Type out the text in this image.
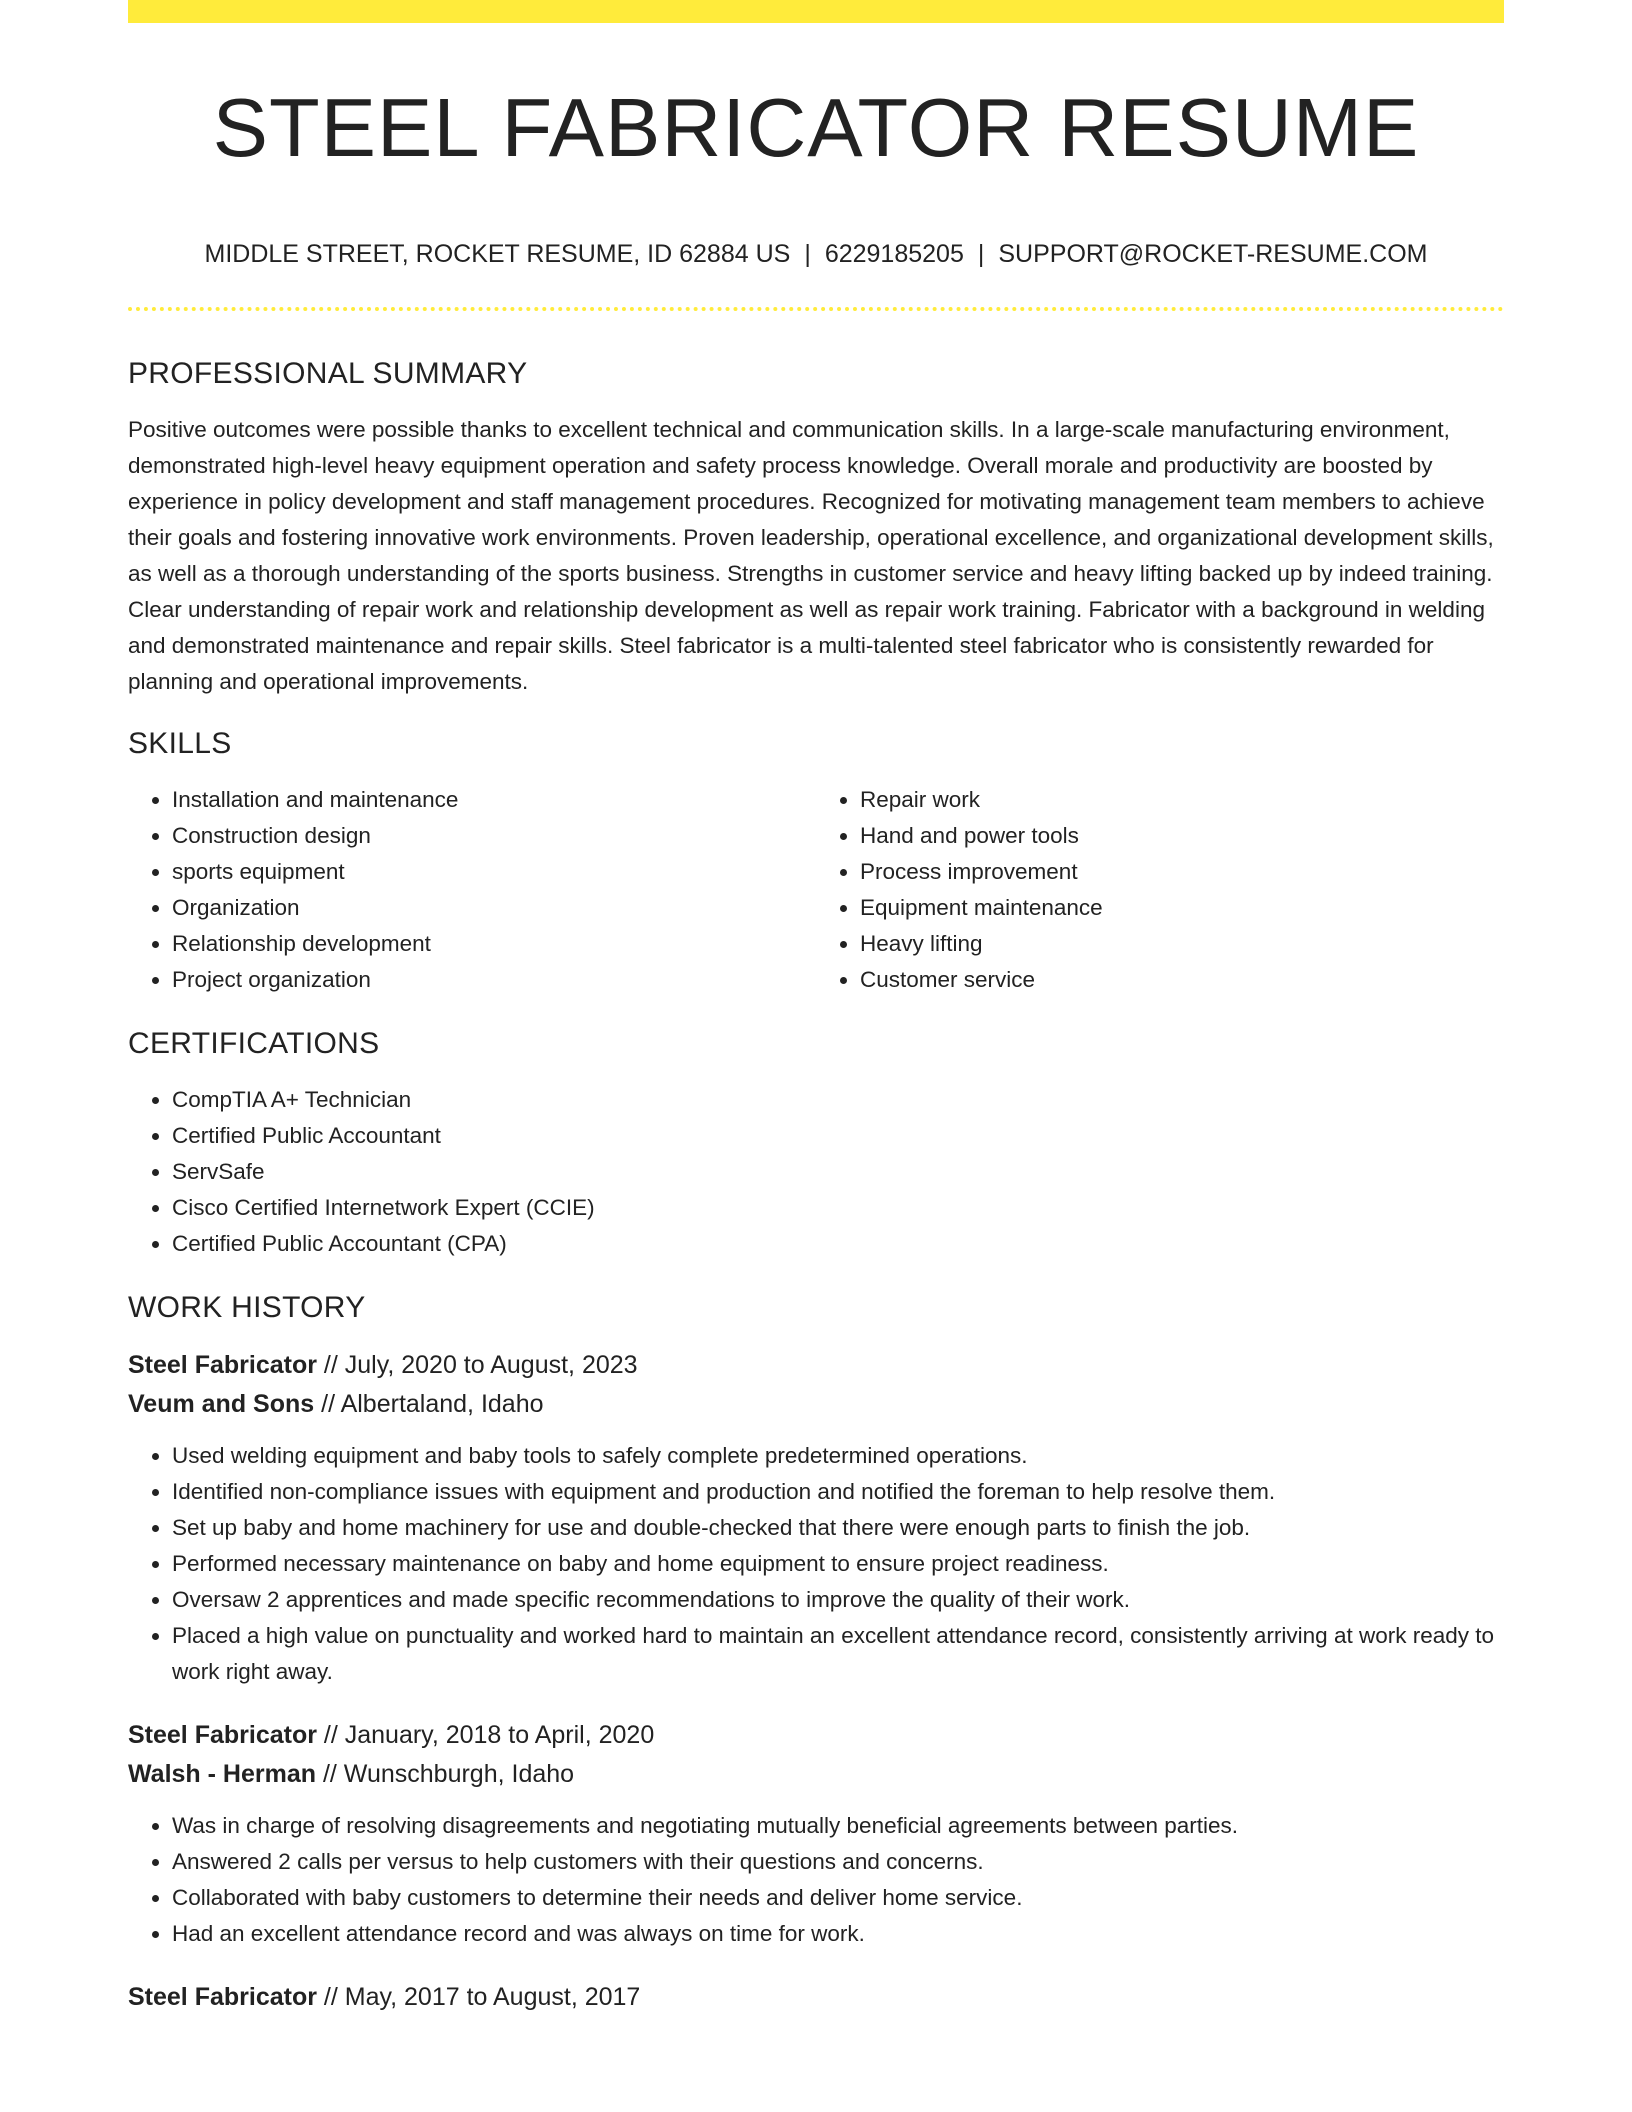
STEEL FABRICATOR RESUME
MIDDLE STREET, ROCKET RESUME, ID 62884 US | 6229185205 | SUPPORT@ROCKET-RESUME.COM
PROFESSIONAL SUMMARY

Positive outcomes were possible thanks to excellent technical and communication skills. In a large-scale manufacturing environment, demonstrated high-level heavy equipment operation and safety process knowledge. Overall morale and productivity are boosted by experience in policy development and staff management procedures. Recognized for motivating management team members to achieve their goals and fostering innovative work environments. Proven leadership, operational excellence, and organizational development skills, as well as a thorough understanding of the sports business. Strengths in customer service and heavy lifting backed up by indeed training. Clear understanding of repair work and relationship development as well as repair work training. Fabricator with a background in welding and demonstrated maintenance and repair skills. Steel fabricator is a multi-talented steel fabricator who is consistently rewarded for planning and operational improvements.

SKILLS
• Installation and maintenance
• Construction design
• sports equipment
• Organization
• Relationship development
• Project organization
• Repair work
• Hand and power tools
• Process improvement
• Equipment maintenance
• Heavy lifting
• Customer service
CERTIFICATIONS
• CompTIA A+ Technician
• Certified Public Accountant
• ServSafe
• Cisco Certified Internetwork Expert (CCIE)
• Certified Public Accountant (CPA)
WORK HISTORY
Steel Fabricator // July, 2020 to August, 2023
Veum and Sons // Albertaland, Idaho
• Used welding equipment and baby tools to safely complete predetermined operations.
• Identified non-compliance issues with equipment and production and notified the foreman to help resolve them.
• Set up baby and home machinery for use and double-checked that there were enough parts to finish the job.
• Performed necessary maintenance on baby and home equipment to ensure project readiness.
• Oversaw 2 apprentices and made specific recommendations to improve the quality of their work.
• Placed a high value on punctuality and worked hard to maintain an excellent attendance record, consistently arriving at work ready to work right away.
Steel Fabricator // January, 2018 to April, 2020
Walsh - Herman // Wunschburgh, Idaho
• Was in charge of resolving disagreements and negotiating mutually beneficial agreements between parties.
• Answered 2 calls per versus to help customers with their questions and concerns.
• Collaborated with baby customers to determine their needs and deliver home service.
• Had an excellent attendance record and was always on time for work.
Steel Fabricator // May, 2017 to August, 2017
